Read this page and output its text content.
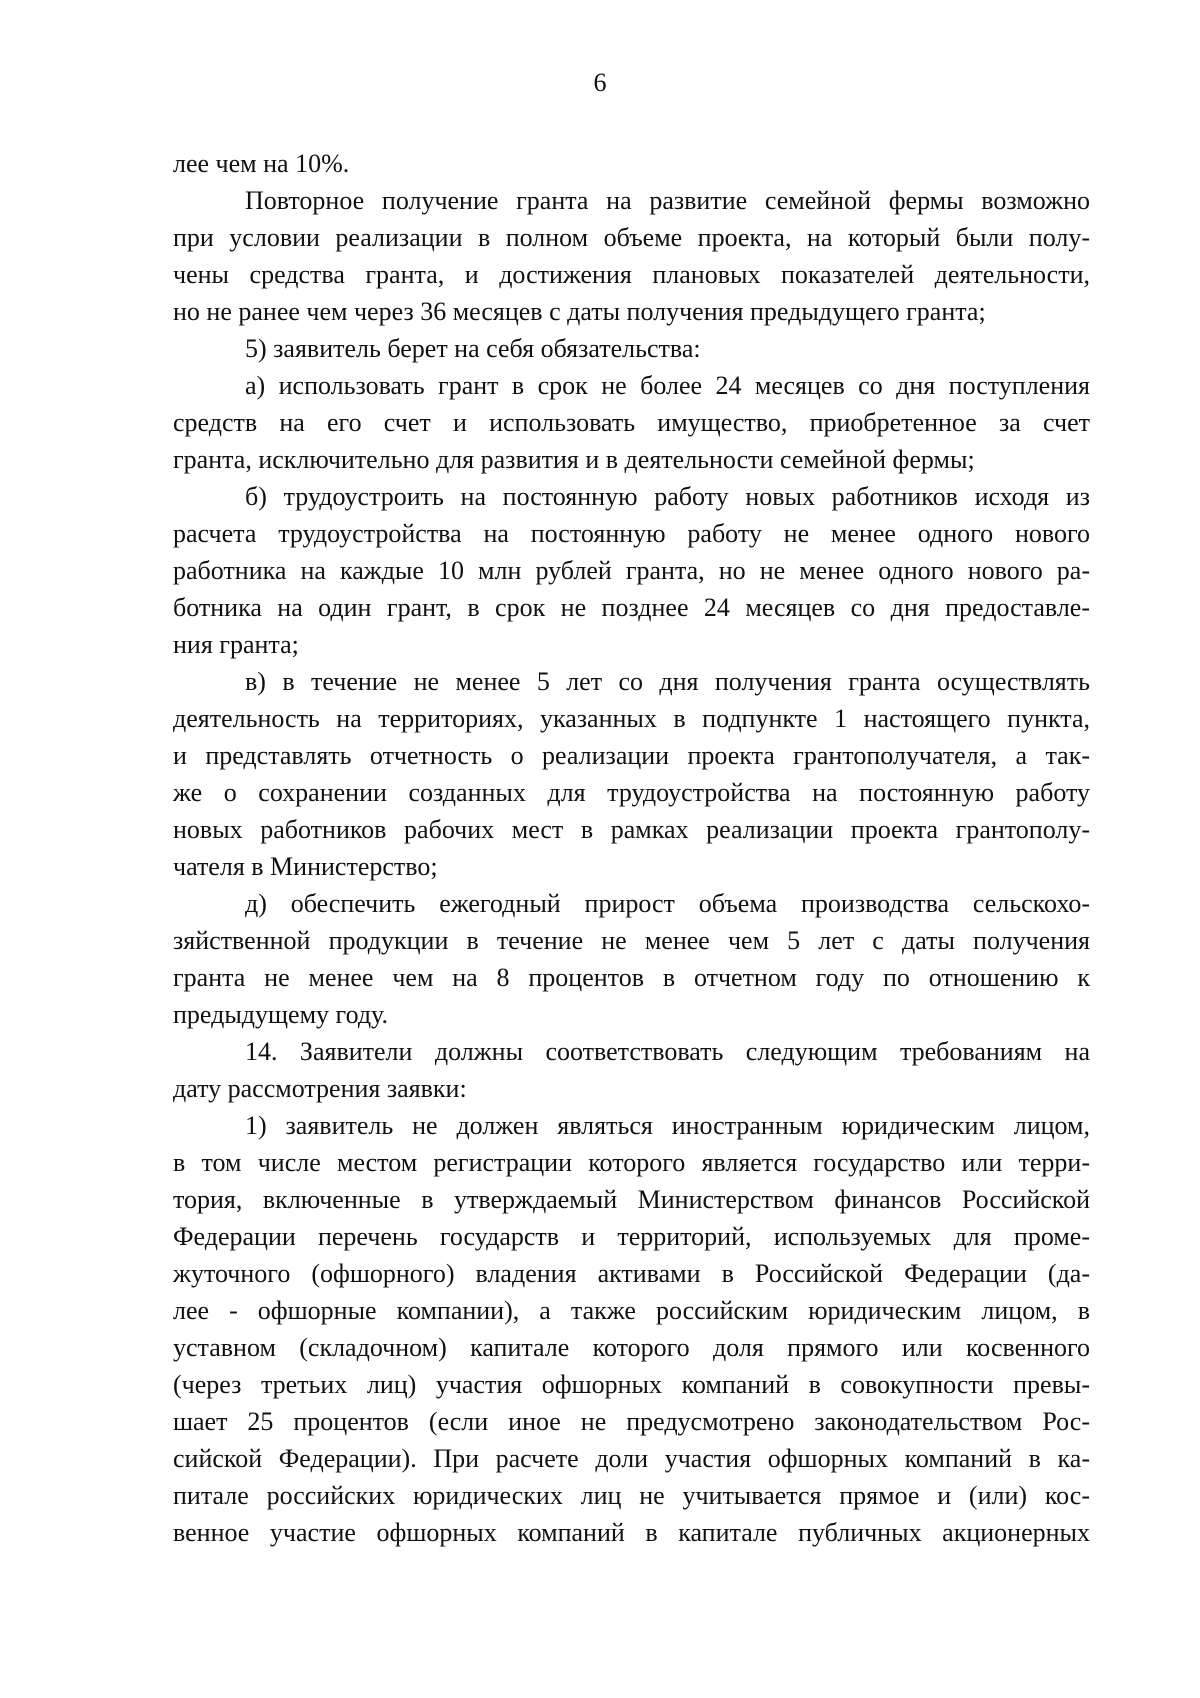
6
лее чем на 10%.
Повторное получение гранта на развитие семейной фермы возможно
при условии реализации в полном объеме проекта, на который были полу-
чены средства гранта, и достижения плановых показателей деятельности,
но не ранее чем через 36 месяцев с даты получения предыдущего гранта;
5) заявитель берет на себя обязательства:
а) использовать грант в срок не более 24 месяцев со дня поступления
средств на его счет и использовать имущество, приобретенное за счет
гранта, исключительно для развития и в деятельности семейной фермы;
б) трудоустроить на постоянную работу новых работников исходя из
расчета трудоустройства на постоянную работу не менее одного нового
работника на каждые 10 млн рублей гранта, но не менее одного нового ра-
ботника на один грант, в срок не позднее 24 месяцев со дня предоставле-
ния гранта;
в) в течение не менее 5 лет со дня получения гранта осуществлять
деятельность на территориях, указанных в подпункте 1 настоящего пункта,
и представлять отчетность о реализации проекта грантополучателя, а так-
же о сохранении созданных для трудоустройства на постоянную работу
новых работников рабочих мест в рамках реализации проекта грантополу-
чателя в Министерство;
д) обеспечить ежегодный прирост объема производства сельскохо-
зяйственной продукции в течение не менее чем 5 лет с даты получения
гранта не менее чем на 8 процентов в отчетном году по отношению к
предыдущему году.
14. Заявители должны соответствовать следующим требованиям на
дату рассмотрения заявки:
1) заявитель не должен являться иностранным юридическим лицом,
в том числе местом регистрации которого является государство или терри-
тория, включенные в утверждаемый Министерством финансов Российской
Федерации перечень государств и территорий, используемых для проме-
жуточного (офшорного) владения активами в Российской Федерации (да-
лее - офшорные компании), а также российским юридическим лицом, в
уставном (складочном) капитале которого доля прямого или косвенного
(через третьих лиц) участия офшорных компаний в совокупности превы-
шает 25 процентов (если иное не предусмотрено законодательством Рос-
сийской Федерации). При расчете доли участия офшорных компаний в ка-
питале российских юридических лиц не учитывается прямое и (или) кос-
венное участие офшорных компаний в капитале публичных акционерных
